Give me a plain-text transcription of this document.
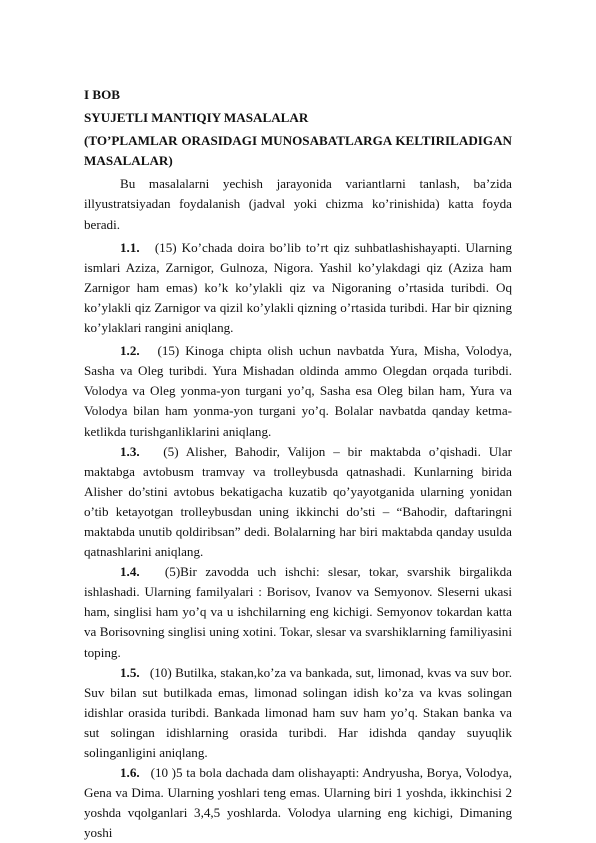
I BOB
SYUJETLI MANTIQIY MASALALAR
(TO’PLAMLAR ORASIDAGI MUNOSABATLARGA KELTIRILADIGAN MASALALAR)

Bu masalalarni yechish jarayonida variantlarni tanlash, ba’zida illyustratsiyadan foydalanish (jadval yoki chizma ko’rinishida) katta foyda beradi.

1.1. (15) Ko’chada doira bo’lib to’rt qiz suhbatlashishayapti. Ularning ismlari Aziza, Zarnigor, Gulnoza, Nigora. Yashil ko’ylakdagi qiz (Aziza ham Zarnigor ham emas) ko’k ko’ylakli qiz va Nigoraning o’rtasida turibdi. Oq ko’ylakli qiz Zarnigor va qizil ko’ylakli qizning o’rtasida turibdi. Har bir qizning ko’ylaklari rangini aniqlang.

1.2. (15) Kinoga chipta olish uchun navbatda Yura, Misha, Volodya, Sasha va Oleg turibdi. Yura Mishadan oldinda ammo Olegdan orqada turibdi. Volodya va Oleg yonma-yon turgani yo’q, Sasha esa Oleg bilan ham, Yura va Volodya bilan ham yonma-yon turgani yo’q. Bolalar navbatda qanday ketma-ketlikda turishganliklarini aniqlang.

1.3. (5) Alisher, Bahodir, Valijon – bir maktabda o’qishadi. Ular maktabga avtobusm tramvay va trolleybusda qatnashadi. Kunlarning birida Alisher do’stini avtobus bekatigacha kuzatib qo’yayotganida ularning yonidan o’tib ketayotgan trolleybusdan uning ikkinchi do’sti – “Bahodir, daftaringni maktabda unutib qoldiribsan” dedi. Bolalarning har biri maktabda qanday usulda qatnashlarini aniqlang.

1.4. (5)Bir zavodda uch ishchi: slesar, tokar, svarshik birgalikda ishlashadi. Ularning familyalari : Borisov, Ivanov va Semyonov. Sleserni ukasi ham, singlisi ham yo’q va u ishchilarning eng kichigi. Semyonov tokardan katta va Borisovning singlisi uning xotini. Tokar, slesar va svarshiklarning familiyasini toping.

1.5. (10) Butilka, stakan,ko’za va bankada, sut, limonad, kvas va suv bor. Suv bilan sut butilkada emas, limonad solingan idish ko’za va kvas solingan idishlar orasida turibdi. Bankada limonad ham suv ham yo’q. Stakan banka va sut solingan idishlarning orasida turibdi. Har idishda qanday suyuqlik solinganligini aniqlang.

1.6. (10 )5 ta bola dachada dam olishayapti: Andryusha, Borya, Volodya, Gena va Dima. Ularning yoshlari teng emas. Ularning biri 1 yoshda, ikkinchisi 2 yoshda vqolganlari 3,4,5 yoshlarda. Volodya ularning eng kichigi, Dimaning yoshi
